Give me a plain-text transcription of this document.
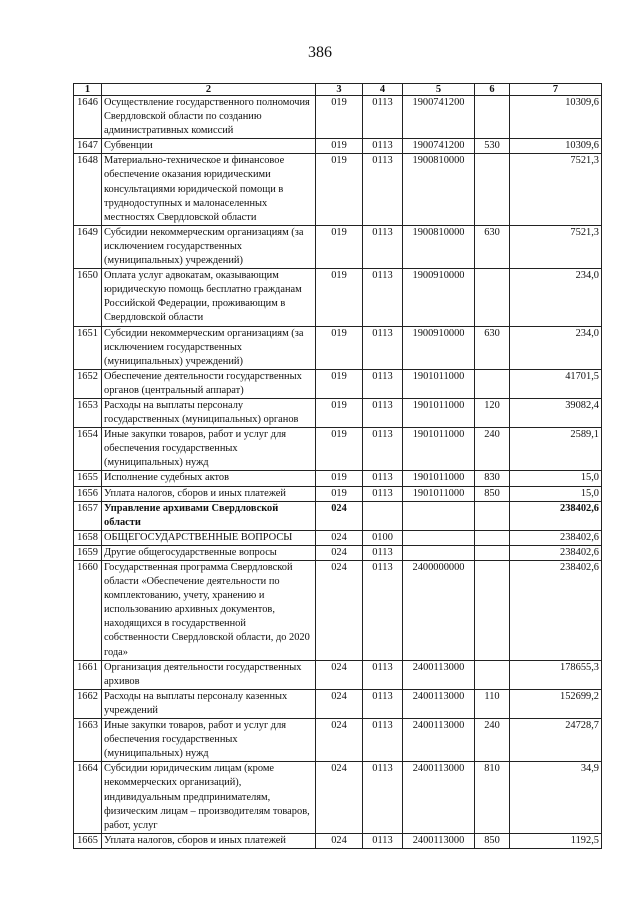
386
1	2	3	4	5	6	7
1646	Осуществление государственного полномочия Свердловской области по созданию административных комиссий	019	0113	1900741200		10309,6
1647	Субвенции	019	0113	1900741200	530	10309,6
1648	Материально-техническое и финансовое обеспечение оказания юридическими консультациями юридической помощи в труднодоступных и малонаселенных местностях Свердловской области	019	0113	1900810000		7521,3
1649	Субсидии некоммерческим организациям (за исключением государственных (муниципальных) учреждений)	019	0113	1900810000	630	7521,3
1650	Оплата услуг адвокатам, оказывающим юридическую помощь бесплатно гражданам Российской Федерации, проживающим в Свердловской области	019	0113	1900910000		234,0
1651	Субсидии некоммерческим организациям (за исключением государственных (муниципальных) учреждений)	019	0113	1900910000	630	234,0
1652	Обеспечение деятельности государственных органов (центральный аппарат)	019	0113	1901011000		41701,5
1653	Расходы на выплаты персоналу государственных (муниципальных) органов	019	0113	1901011000	120	39082,4
1654	Иные закупки товаров, работ и услуг для обеспечения государственных (муниципальных) нужд	019	0113	1901011000	240	2589,1
1655	Исполнение судебных актов	019	0113	1901011000	830	15,0
1656	Уплата налогов, сборов и иных платежей	019	0113	1901011000	850	15,0
1657	Управление архивами Свердловской области	024				238402,6
1658	ОБЩЕГОСУДАРСТВЕННЫЕ ВОПРОСЫ	024	0100			238402,6
1659	Другие общегосударственные вопросы	024	0113			238402,6
1660	Государственная программа Свердловской области «Обеспечение деятельности по комплектованию, учету, хранению и использованию архивных документов, находящихся в государственной собственности Свердловской области, до 2020 года»	024	0113	2400000000		238402,6
1661	Организация деятельности государственных архивов	024	0113	2400113000		178655,3
1662	Расходы на выплаты персоналу казенных учреждений	024	0113	2400113000	110	152699,2
1663	Иные закупки товаров, работ и услуг для обеспечения государственных (муниципальных) нужд	024	0113	2400113000	240	24728,7
1664	Субсидии юридическим лицам (кроме некоммерческих организаций), индивидуальным предпринимателям, физическим лицам – производителям товаров, работ, услуг	024	0113	2400113000	810	34,9
1665	Уплата налогов, сборов и иных платежей	024	0113	2400113000	850	1192,5
